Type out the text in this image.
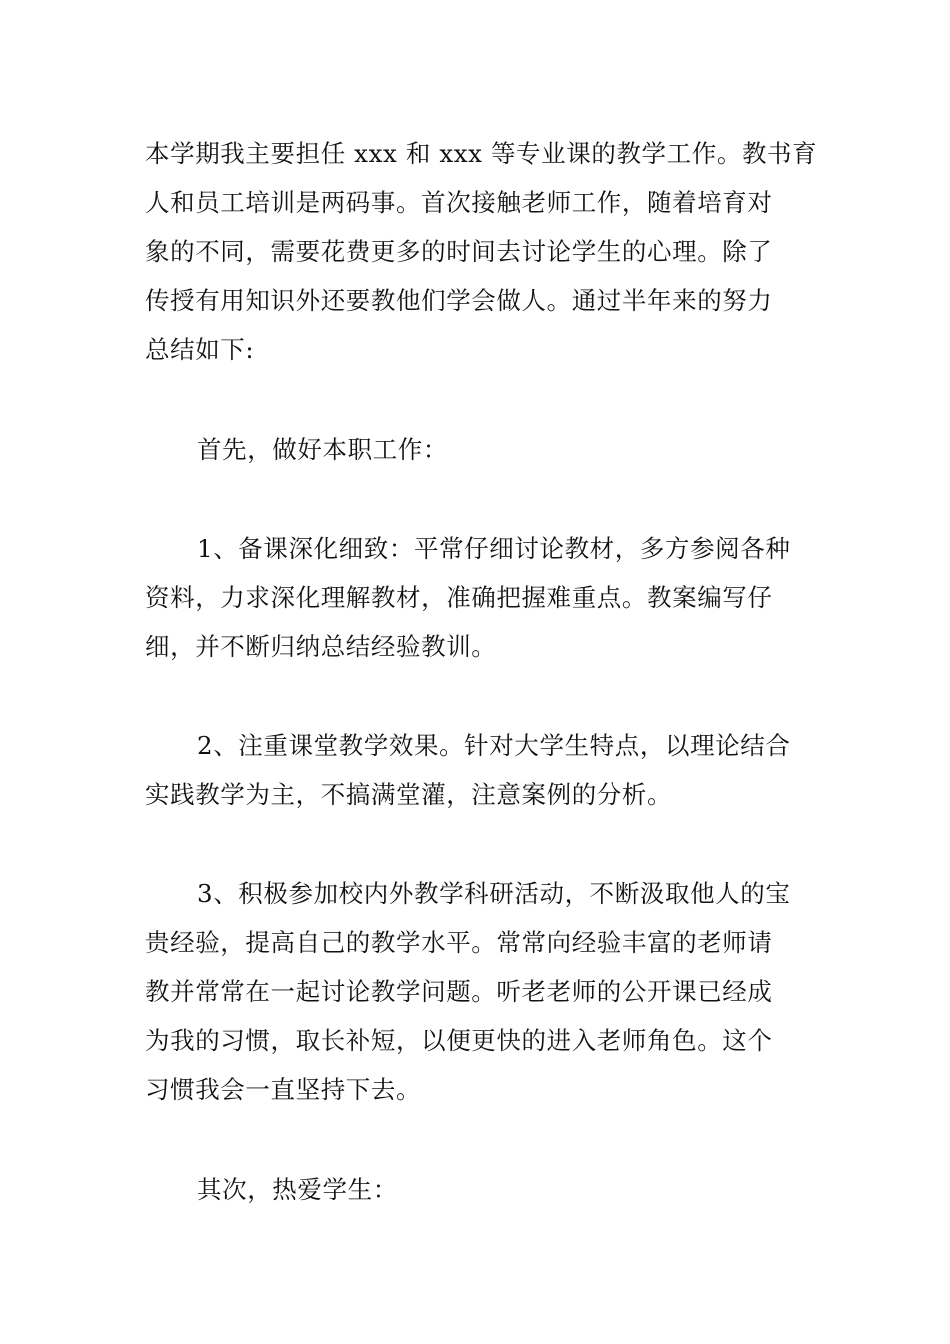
本学期我主要担任 xxx 和 xxx 等专业课的教学工作。教书育
人和员工培训是两码事。首次接触老师工作，随着培育对
象的不同，需要花费更多的时间去讨论学生的心理。除了
传授有用知识外还要教他们学会做人。通过半年来的努力
总结如下:

首先，做好本职工作：

1、备课深化细致：平常仔细讨论教材，多方参阅各种
资料，力求深化理解教材，准确把握难重点。教案编写仔
细，并不断归纳总结经验教训。

2、注重课堂教学效果。针对大学生特点，以理论结合
实践教学为主，不搞满堂灌，注意案例的分析。

3、积极参加校内外教学科研活动，不断汲取他人的宝
贵经验，提高自己的教学水平。常常向经验丰富的老师请
教并常常在一起讨论教学问题。听老老师的公开课已经成
为我的习惯，取长补短，以便更快的进入老师角色。这个
习惯我会一直坚持下去。

其次，热爱学生：
